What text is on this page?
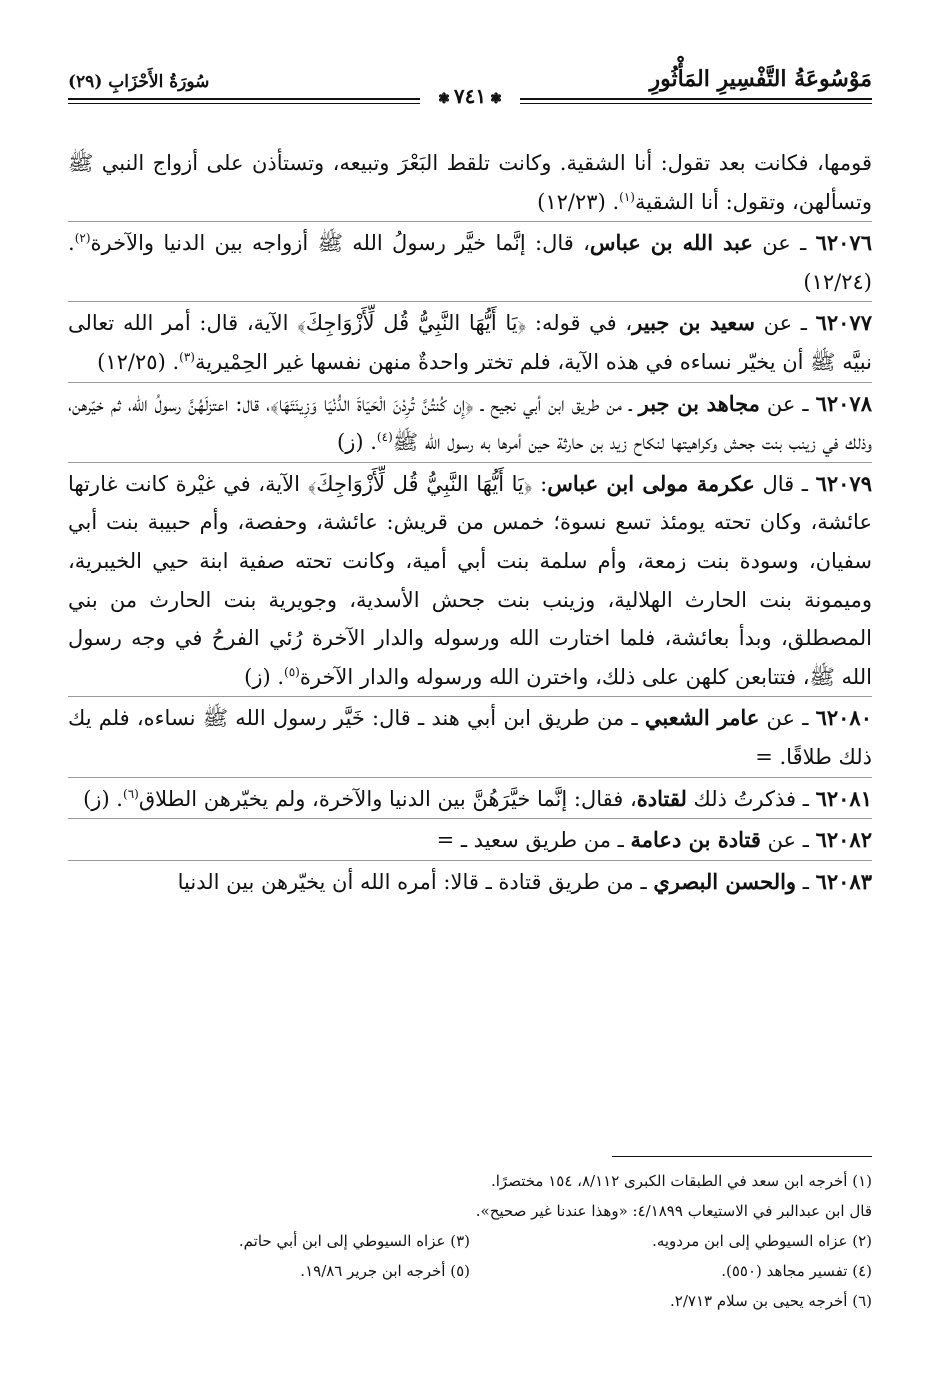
مَوْسُوعَةُ التَّفْسِيرِ المَأْثُورِ
سُورَةُ الأَحْزَابِ (٢٩)
❃٧٤١❃

قومها، فكانت بعد تقول: أنا الشقية. وكانت تلقط البَعْرَ وتبيعه، وتستأذن على أزواج النبي ﷺ وتسألهن، وتقول: أنا الشقية$^{(١)}$. (١٢/٢٣)

٦٢٠٧٦ ـ عن عبد الله بن عباس، قال: إنَّما خيَّر رسولُ الله ﷺ أزواجه بين الدنيا والآخرة$^{(٢)}$. (١٢/٢٤)

٦٢٠٧٧ ـ عن سعيد بن جبير، في قوله: ﴿يَا أَيُّهَا النَّبِيُّ قُل لِّأَزْوَاجِكَ﴾ الآية، قال: أمر الله تعالى نبيَّه ﷺ أن يخيّر نساءه في هذه الآية، فلم تختر واحدةٌ منهن نفسها غير الحِمْيرية$^{(٣)}$. (١٢/٢٥)

٦٢٠٧٨ ـ عن مجاهد بن جبر ـ من طريق ابن أبي نجيح ـ ﴿إِن كُنتُنَّ تُرِدْنَ الْحَيَاةَ الدُّنْيَا وَزِينَتَهَا﴾، قال: اعتزلَهُنَّ رسولُ الله، ثم خيّرهن، وذلك في زينب بنت جحش وكراهيتها لنكاح زيد بن حارثة حين أمرها به رسول الله ﷺ$^{(٤)}$. (ز)

٦٢٠٧٩ ـ قال عكرمة مولى ابن عباس: ﴿يَا أَيُّهَا النَّبِيُّ قُل لِّأَزْوَاجِكَ﴾ الآية، في غيْرة كانت غارتها عائشة، وكان تحته يومئذ تسع نسوة؛ خمس من قريش: عائشة، وحفصة، وأم حبيبة بنت أبي سفيان، وسودة بنت زمعة، وأم سلمة بنت أبي أمية، وكانت تحته صفية ابنة حيي الخيبرية، وميمونة بنت الحارث الهلالية، وزينب بنت جحش الأسدية، وجويرية بنت الحارث من بني المصطلق، وبدأ بعائشة، فلما اختارت الله ورسوله والدار الآخرة رُئي الفرحُ في وجه رسول الله ﷺ، فتتابعن كلهن على ذلك، واخترن الله ورسوله والدار الآخرة$^{(٥)}$. (ز)

٦٢٠٨٠ ـ عن عامر الشعبي ـ من طريق ابن أبي هند ـ قال: خَيَّر رسول الله ﷺ نساءه، فلم يك ذلك طلاقًا. =

٦٢٠٨١ ـ فذكرتُ ذلك لقتادة، فقال: إنَّما خيَّرَهُنَّ بين الدنيا والآخرة، ولم يخيّرهن الطلاق$^{(٦)}$. (ز)

٦٢٠٨٢ ـ عن قتادة بن دعامة ـ من طريق سعيد ـ =

٦٢٠٨٣ ـ والحسن البصري ـ من طريق قتادة ـ قالا: أمره الله أن يخيّرهن بين الدنيا

(١) أخرجه ابن سعد في الطبقات الكبرى ٨/١١٢، ١٥٤ مختصرًا.
قال ابن عبدالبر في الاستيعاب ٤/١٨٩٩: «وهذا عندنا غير صحيح».
(٢) عزاه السيوطي إلى ابن مردويه.
(٣) عزاه السيوطي إلى ابن أبي حاتم.
(٤) تفسير مجاهد (٥٥٠).
(٥) أخرجه ابن جرير ١٩/٨٦.
(٦) أخرجه يحيى بن سلام ٢/٧١٣.
